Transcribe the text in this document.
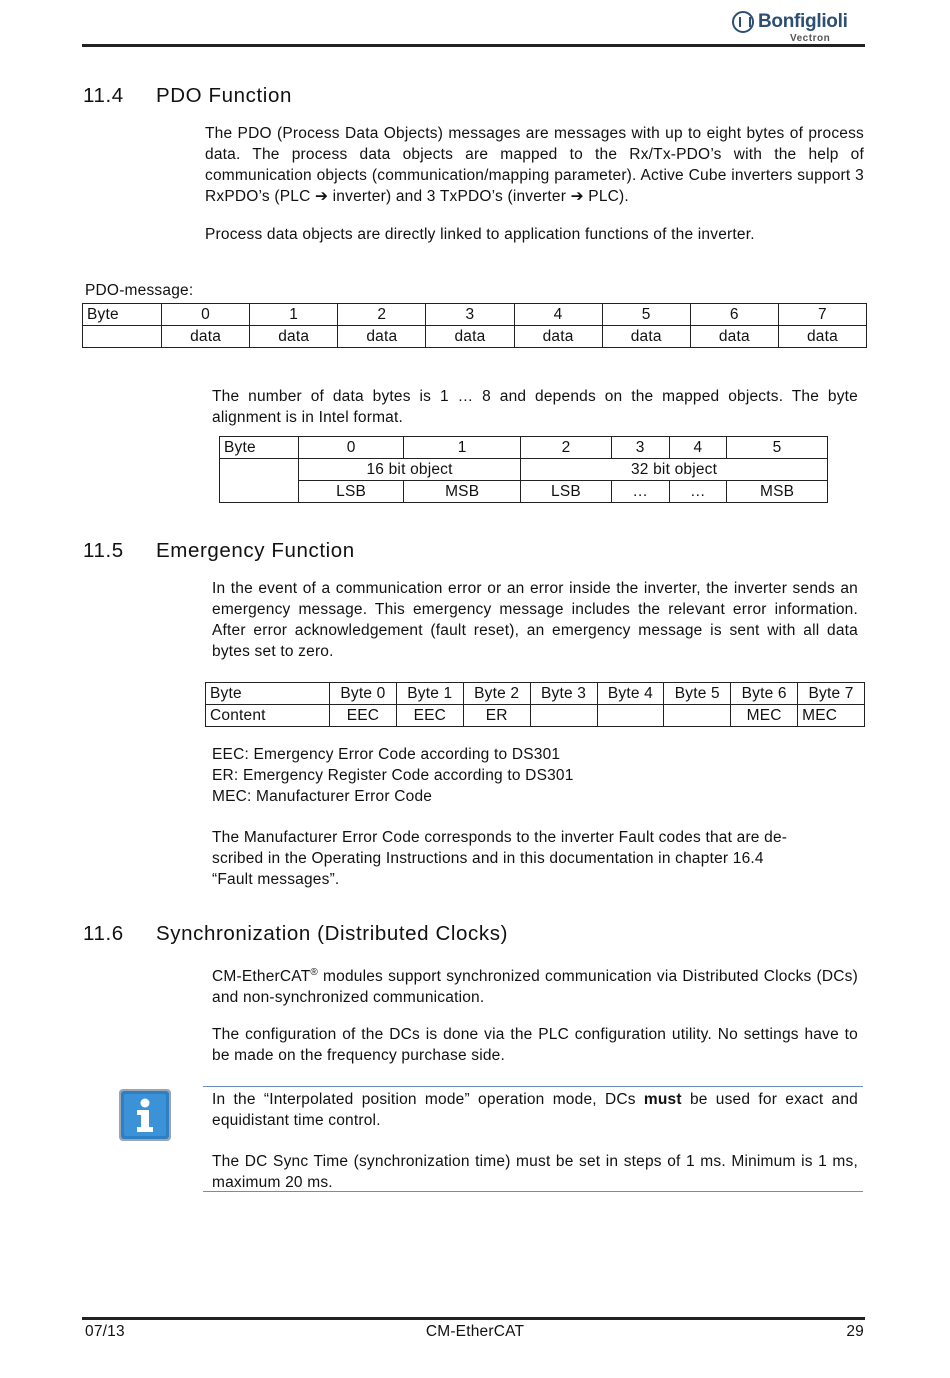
Bonfiglioli
Vectron
11.4 PDO Function

The PDO (Process Data Objects) messages are messages with up to eight bytes of process data. The process data objects are mapped to the Rx/Tx-PDO’s with the help of communication objects (communication/mapping parameter). Active Cube inverters support 3 RxPDO’s (PLC ➔ inverter) and 3 TxPDO’s (inverter ➔ PLC).

Process data objects are directly linked to application functions of the inverter.

PDO-message:
Byte	0	1	2	3	4	5	6	7
	data	data	data	data	data	data	data	data

The number of data bytes is 1 … 8 and depends on the mapped objects. The byte alignment is in Intel format.

Byte	0	1	2	3	4	5
	16 bit object		32 bit object			
	LSB	MSB	LSB	…	…	MSB
11.5 Emergency Function

In the event of a communication error or an error inside the inverter, the inverter sends an emergency message. This emergency message includes the relevant error information. After error acknowledgement (fault reset), an emergency message is sent with all data bytes set to zero.

Byte	Byte 0	Byte 1	Byte 2	Byte 3	Byte 4	Byte 5	Byte 6	Byte 7
Content	EEC	EEC	ER				MEC	MEC
EEC: Emergency Error Code according to DS301
ER: Emergency Register Code according to DS301
MEC: Manufacturer Error Code
The Manufacturer Error Code corresponds to the inverter Fault codes that are de-
scribed in the Operating Instructions and in this documentation in chapter 16.4
“Fault messages”.
11.6 Synchronization (Distributed Clocks)

CM-EtherCAT® modules support synchronized communication via Distributed Clocks (DCs) and non-synchronized communication.

The configuration of the DCs is done via the PLC configuration utility. No settings have to be made on the frequency purchase side.

In the “Interpolated position mode” operation mode, DCs must be used for exact and equidistant time control.

The DC Sync Time (synchronization time) must be set in steps of 1 ms. Minimum is 1 ms, maximum 20 ms.

07/13	CM-EtherCAT	29
